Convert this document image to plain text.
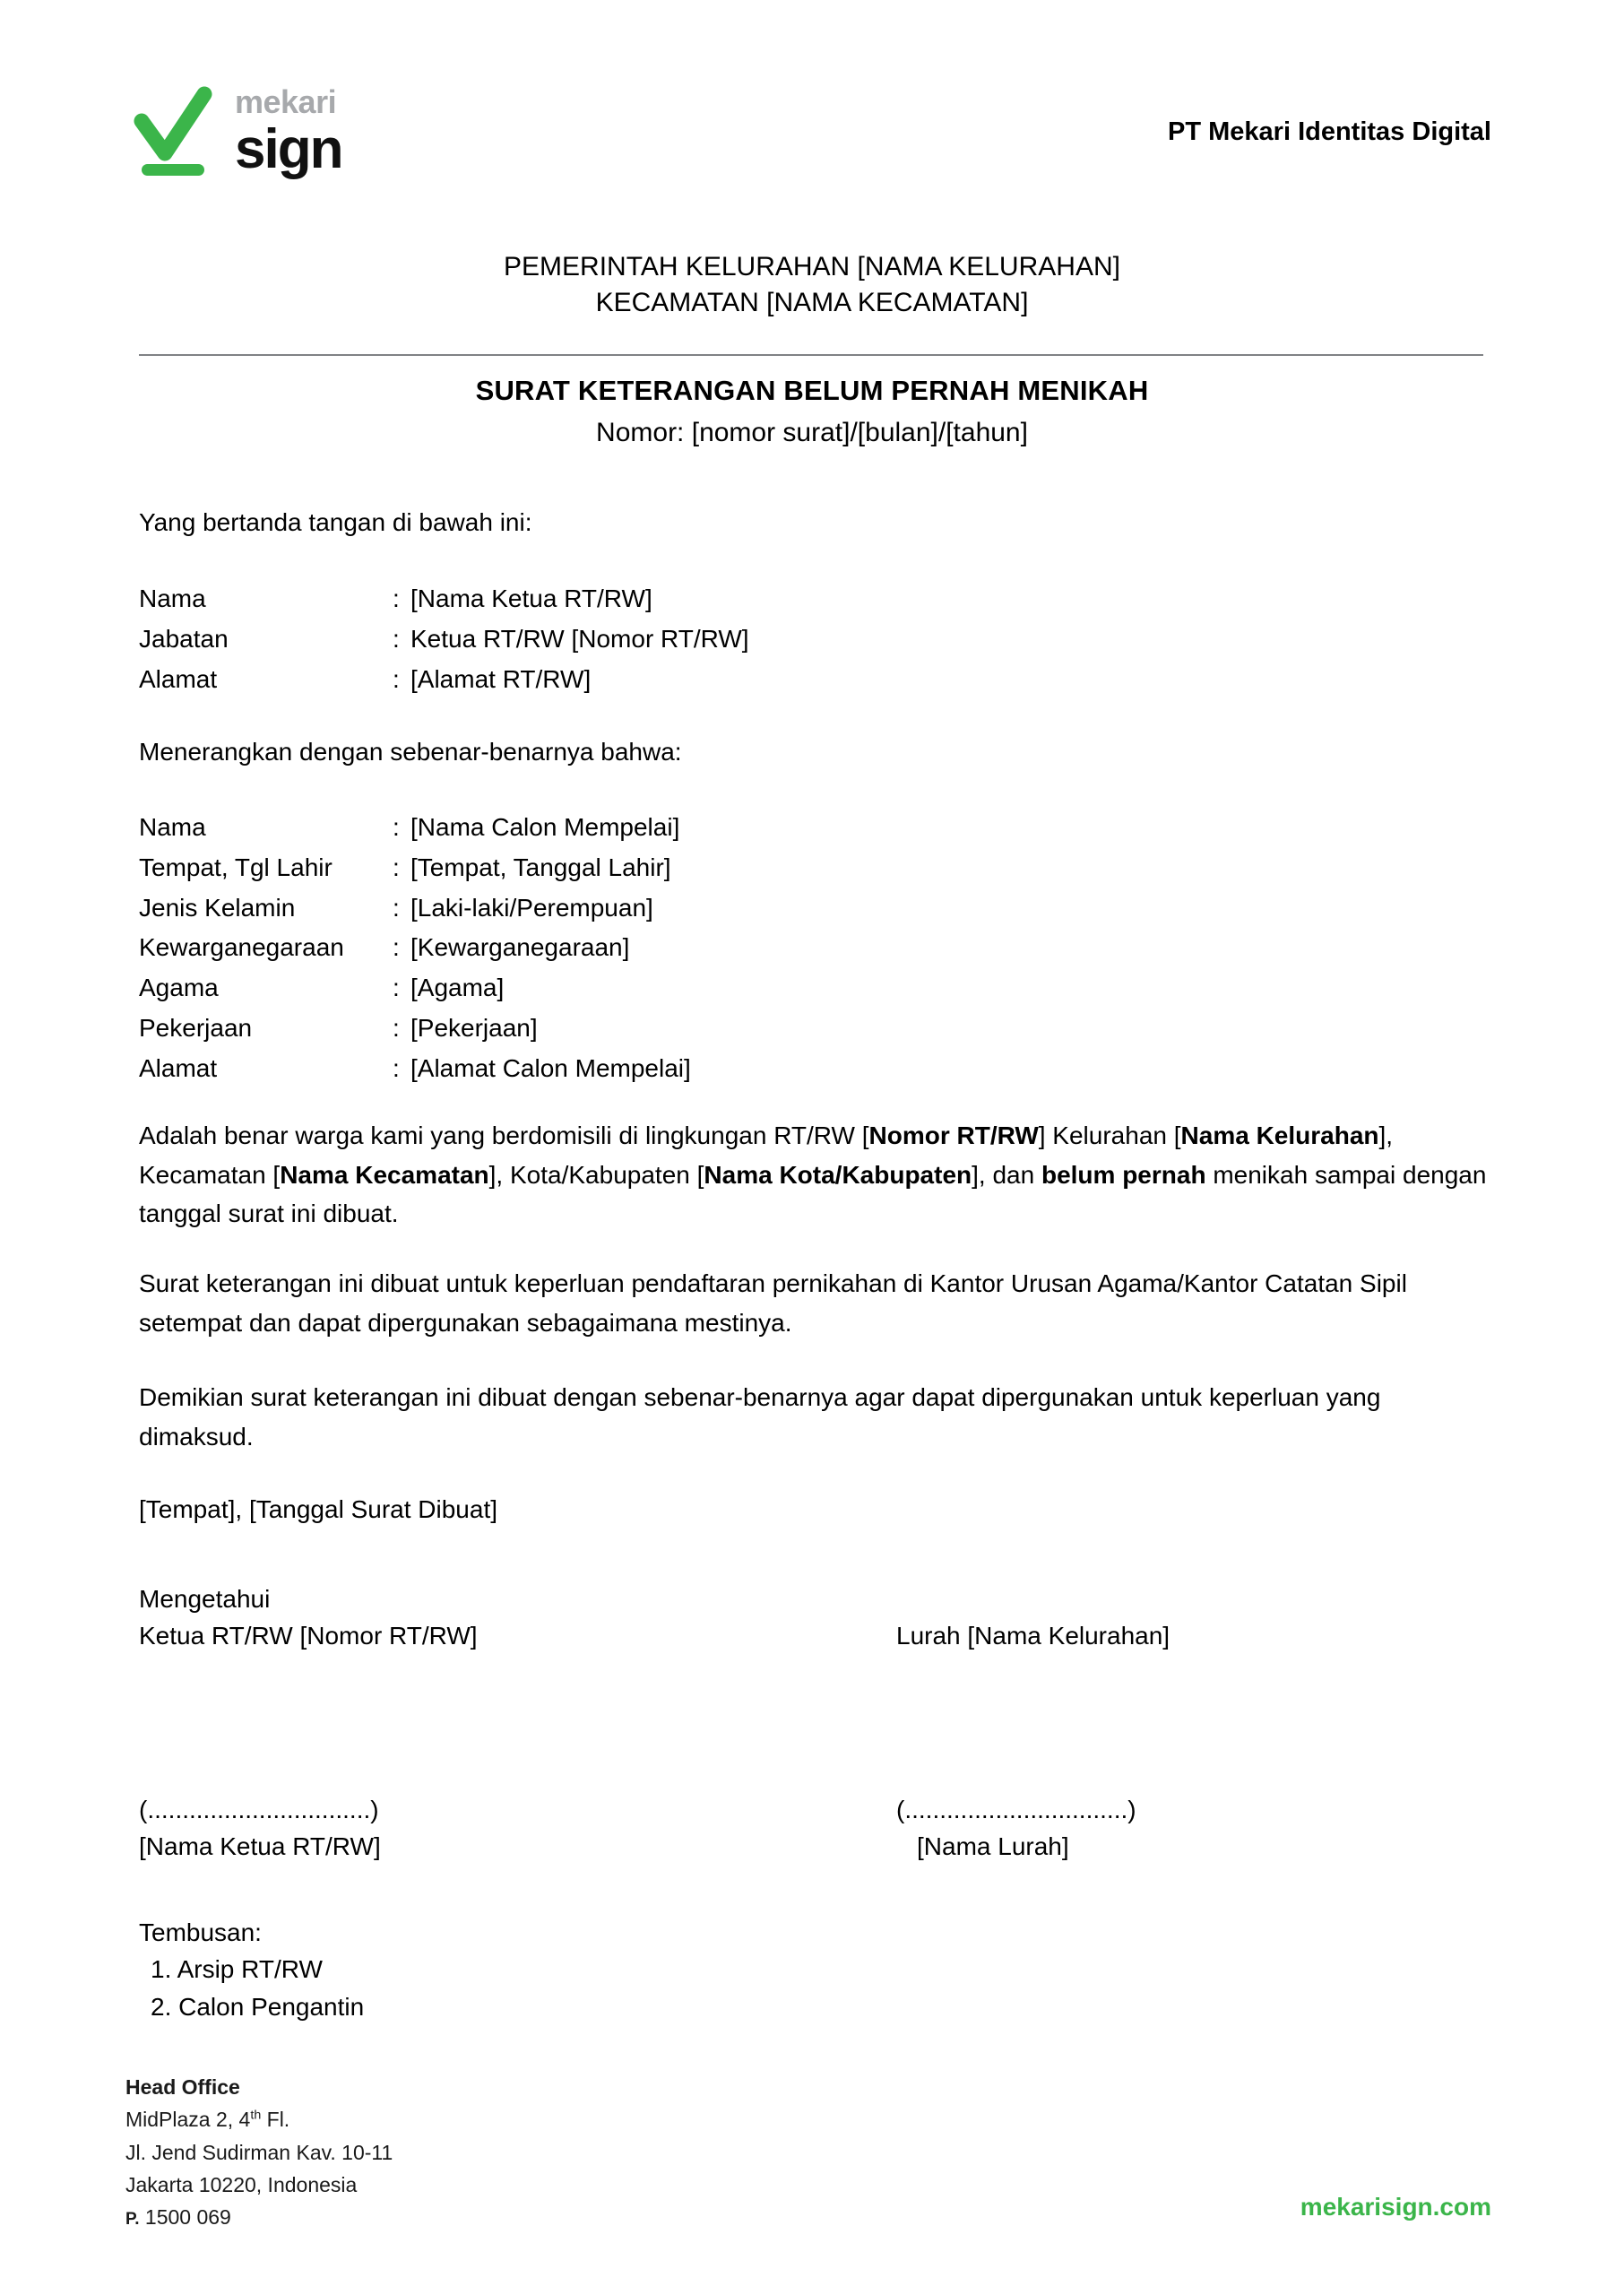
mekari
sign	PT Mekari Identitas Digital
PEMERINTAH KELURAHAN [NAMA KELURAHAN]
KECAMATAN [NAMA KECAMATAN]
SURAT KETERANGAN BELUM PERNAH MENIKAH
Nomor: [nomor surat]/[bulan]/[tahun]
Yang bertanda tangan di bawah ini:
Nama	:	[Nama Ketua RT/RW]
Jabatan	:	Ketua RT/RW [Nomor RT/RW]
Alamat	:	[Alamat RT/RW]
Menerangkan dengan sebenar-benarnya bahwa:
Nama	:	[Nama Calon Mempelai]
Tempat, Tgl Lahir	:	[Tempat, Tanggal Lahir]
Jenis Kelamin	:	[Laki-laki/Perempuan]
Kewarganegaraan	:	[Kewarganegaraan]
Agama	:	[Agama]
Pekerjaan	:	[Pekerjaan]
Alamat	:	[Alamat Calon Mempelai]
Adalah benar warga kami yang berdomisili di lingkungan RT/RW [Nomor RT/RW] Kelurahan [Nama Kelurahan], Kecamatan [Nama Kecamatan], Kota/Kabupaten [Nama Kota/Kabupaten], dan belum pernah menikah sampai dengan tanggal surat ini dibuat.
Surat keterangan ini dibuat untuk keperluan pendaftaran pernikahan di Kantor Urusan Agama/Kantor Catatan Sipil setempat dan dapat dipergunakan sebagaimana mestinya.
Demikian surat keterangan ini dibuat dengan sebenar-benarnya agar dapat dipergunakan untuk keperluan yang dimaksud.
[Tempat], [Tanggal Surat Dibuat]
Mengetahui

Ketua RT/RW [Nomor RT/RW]	Lurah [Nama Kelurahan]
(................................)	(................................)
[Nama Ketua RT/RW]	[Nama Lurah]
Tembusan:
1. Arsip RT/RW
2. Calon Pengantin
Head Office
MidPlaza 2, 4th Fl.
Jl. Jend Sudirman Kav. 10-11
Jakarta 10220, Indonesia
P. 1500 069	mekarisign.com
